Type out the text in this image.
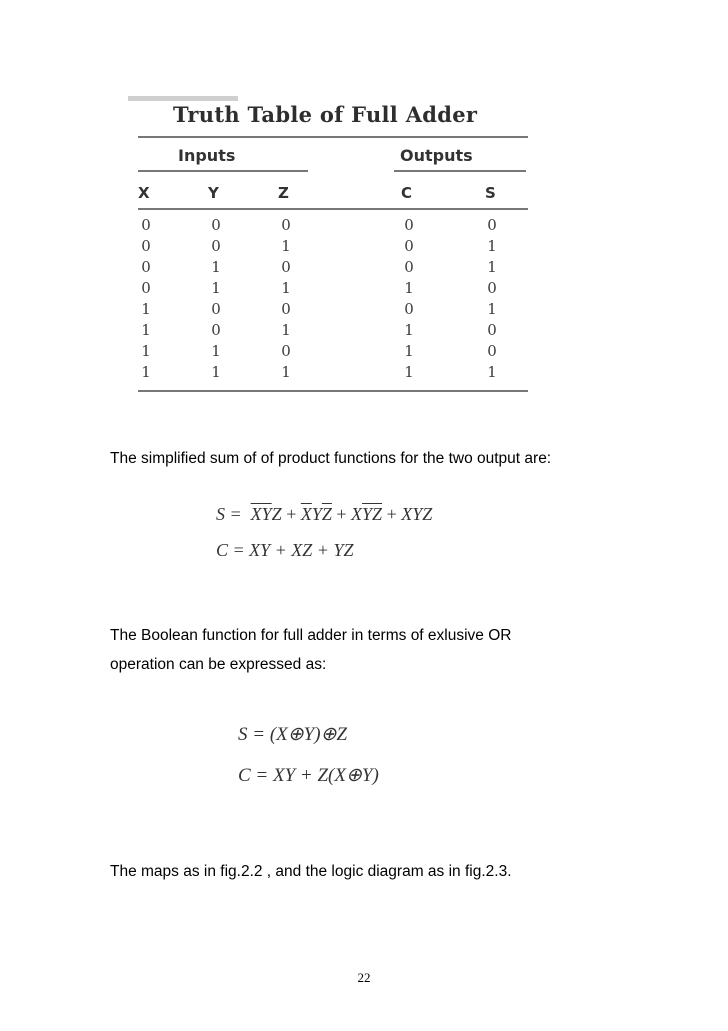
Truth Table of Full Adder
Inputs	Outputs
X	Y	Z	C	S
0	0	0	0	0
0	0	1	0	1
0	1	0	0	1
0	1	1	1	0
1	0	0	0	1
1	0	1	1	0
1	1	0	1	0
1	1	1	1	1
The simplified sum of of product functions for the two output are:
$S = \overline{X}\overline{Y}Z + \overline{X}Y\overline{Z} + X\overline{Y}\overline{Z}$ + XYZ
C = XY + XZ + YZ
The Boolean function for full adder in terms of exlusive OR
operation can be expressed as:
S = (X⊕Y)⊕Z
C = XY + Z(X⊕Y)
The maps as in fig.2.2 , and the logic diagram as in fig.2.3.
22
